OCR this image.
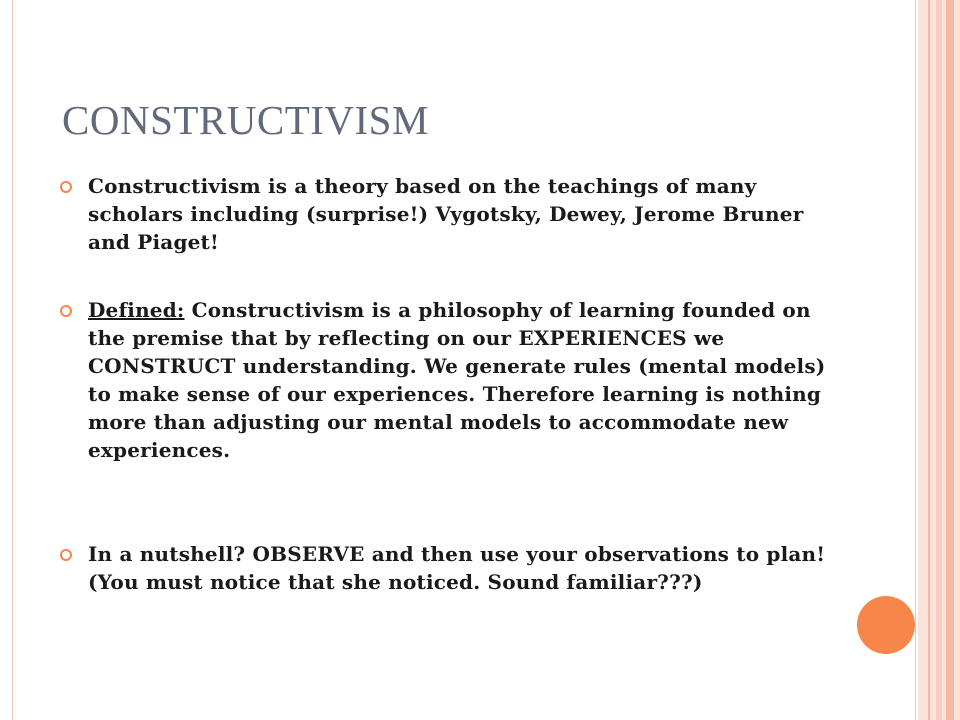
CONSTRUCTIVISM
Constructivism is a theory based on the teachings of many scholars including (surprise!) Vygotsky, Dewey, Jerome Bruner and Piaget!
Defined: Constructivism is a philosophy of learning founded on the premise that by reflecting on our EXPERIENCES we CONSTRUCT understanding. We generate rules (mental models) to make sense of our experiences. Therefore learning is nothing more than adjusting our mental models to accommodate new experiences.
In a nutshell? OBSERVE and then use your observations to plan! (You must notice that she noticed. Sound familiar???)
